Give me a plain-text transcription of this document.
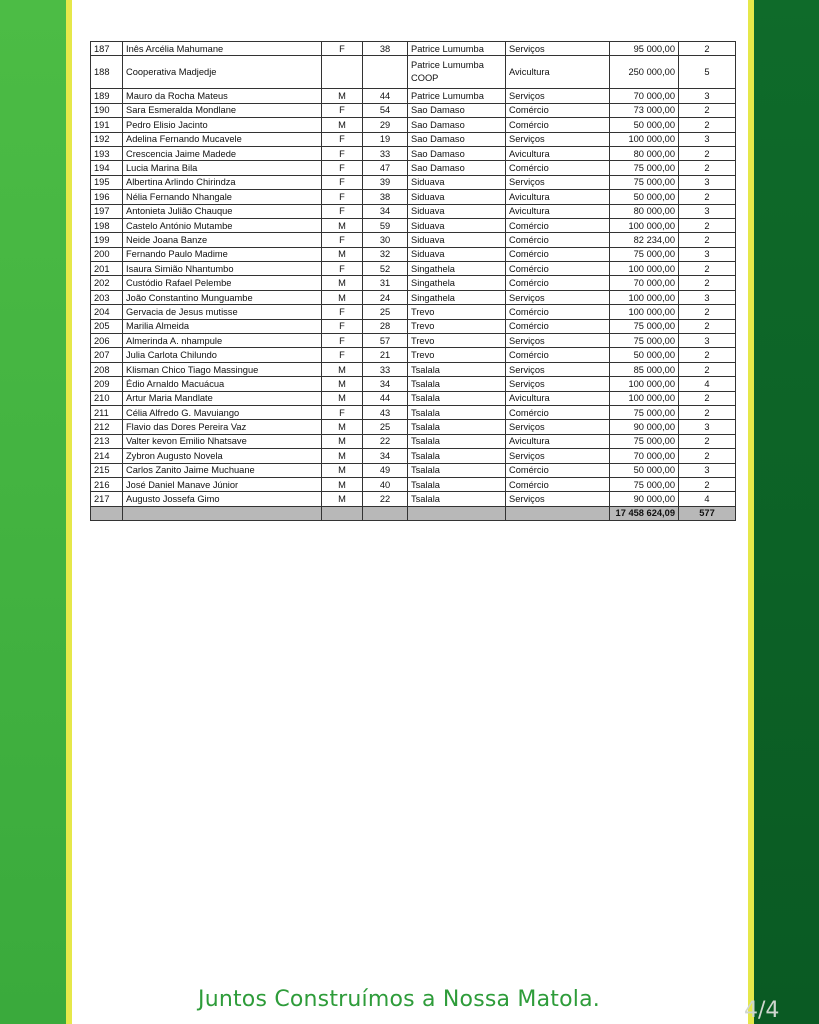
187	Inês Arcélia Mahumane	F	38	Patrice Lumumba	Serviços	95 000,00	2
188	Cooperativa Madjedje			Patrice Lumumba COOP	Avicultura	250 000,00	5
189	Mauro da Rocha Mateus	M	44	Patrice Lumumba	Serviços	70 000,00	3
190	Sara Esmeralda Mondlane	F	54	Sao Damaso	Comércio	73 000,00	2
191	Pedro Elisio Jacinto	M	29	Sao Damaso	Comércio	50 000,00	2
192	Adelina Fernando Mucavele	F	19	Sao Damaso	Serviços	100 000,00	3
193	Crescencia Jaime Madede	F	33	Sao Damaso	Avicultura	80 000,00	2
194	Lucia Marina Bila	F	47	Sao Damaso	Comércio	75 000,00	2
195	Albertina Arlindo Chirindza	F	39	Siduava	Serviços	75 000,00	3
196	Nélia Fernando Nhangale	F	38	Siduava	Avicultura	50 000,00	2
197	Antonieta Julião Chauque	F	34	Siduava	Avicultura	80 000,00	3
198	Castelo António Mutambe	M	59	Siduava	Comércio	100 000,00	2
199	Neide Joana Banze	F	30	Siduava	Comércio	82 234,00	2
200	Fernando Paulo Madime	M	32	Siduava	Comércio	75 000,00	3
201	Isaura Simião Nhantumbo	F	52	Singathela	Comércio	100 000,00	2
202	Custódio Rafael Pelembe	M	31	Singathela	Comércio	70 000,00	2
203	João Constantino Munguambe	M	24	Singathela	Serviços	100 000,00	3
204	Gervacia de Jesus mutisse	F	25	Trevo	Comércio	100 000,00	2
205	Marilia Almeida	F	28	Trevo	Comércio	75 000,00	2
206	Almerinda A. nhampule	F	57	Trevo	Serviços	75 000,00	3
207	Julia Carlota Chilundo	F	21	Trevo	Comércio	50 000,00	2
208	Klisman Chico Tiago Massingue	M	33	Tsalala	Serviços	85 000,00	2
209	Édio Arnaldo Macuácua	M	34	Tsalala	Serviços	100 000,00	4
210	Artur Maria Mandlate	M	44	Tsalala	Avicultura	100 000,00	2
211	Célia Alfredo G. Mavuiango	F	43	Tsalala	Comércio	75 000,00	2
212	Flavio das Dores Pereira Vaz	M	25	Tsalala	Serviços	90 000,00	3
213	Valter kevon Emilio Nhatsave	M	22	Tsalala	Avicultura	75 000,00	2
214	Zybron Augusto Novela	M	34	Tsalala	Serviços	70 000,00	2
215	Carlos Zanito Jaime Muchuane	M	49	Tsalala	Comércio	50 000,00	3
216	José Daniel Manave Júnior	M	40	Tsalala	Comércio	75 000,00	2
217	Augusto Jossefa Gimo	M	22	Tsalala	Serviços	90 000,00	4
						17 458 624,09	577
Juntos Construímos a Nossa Matola.	4/4
